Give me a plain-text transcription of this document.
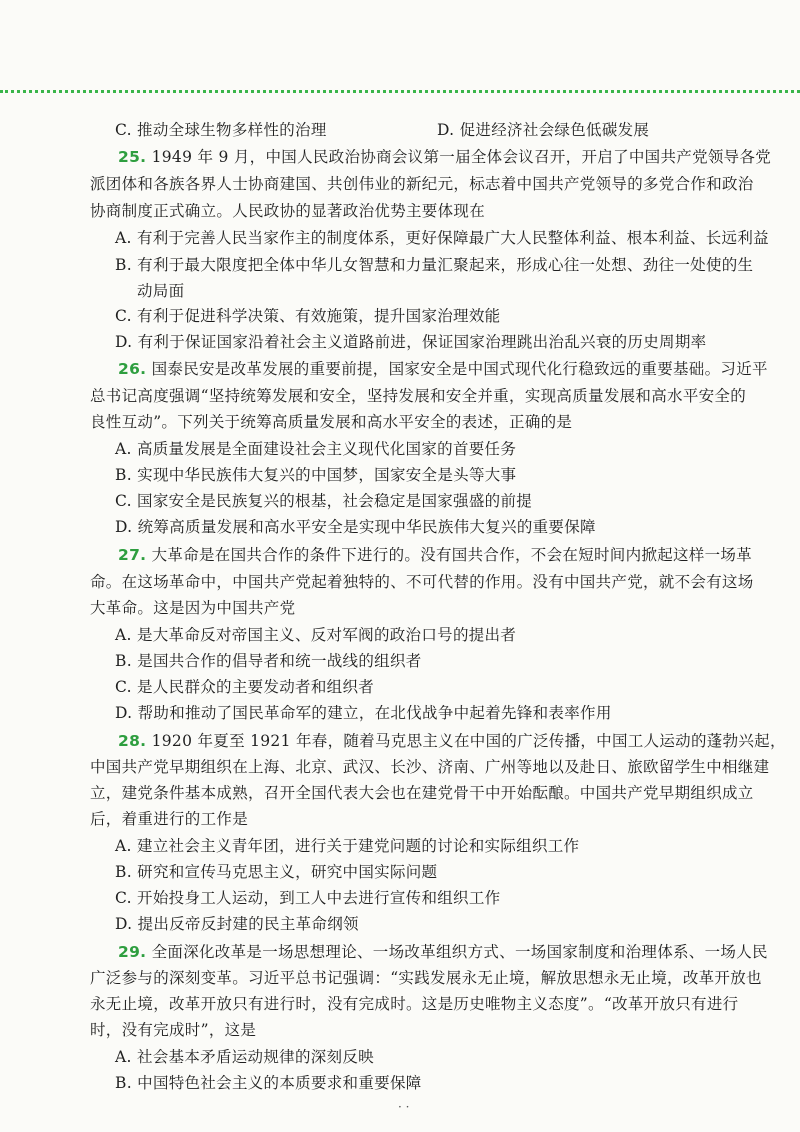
C. 推动全球生物多样性的治理	D. 促进经济社会绿色低碳发展
25. 1949 年 9 月，中国人民政治协商会议第一届全体会议召开，开启了中国共产党领导各党
派团体和各族各界人士协商建国、共创伟业的新纪元，标志着中国共产党领导的多党合作和政治
协商制度正式确立。人民政协的显著政治优势主要体现在
A. 有利于完善人民当家作主的制度体系，更好保障最广大人民整体利益、根本利益、长远利益
B. 有利于最大限度把全体中华儿女智慧和力量汇聚起来，形成心往一处想、劲往一处使的生
动局面
C. 有利于促进科学决策、有效施策，提升国家治理效能
D. 有利于保证国家沿着社会主义道路前进，保证国家治理跳出治乱兴衰的历史周期率
26. 国泰民安是改革发展的重要前提，国家安全是中国式现代化行稳致远的重要基础。习近平
总书记高度强调“坚持统筹发展和安全，坚持发展和安全并重，实现高质量发展和高水平安全的
良性互动”。下列关于统筹高质量发展和高水平安全的表述，正确的是
A. 高质量发展是全面建设社会主义现代化国家的首要任务
B. 实现中华民族伟大复兴的中国梦，国家安全是头等大事
C. 国家安全是民族复兴的根基，社会稳定是国家强盛的前提
D. 统筹高质量发展和高水平安全是实现中华民族伟大复兴的重要保障
27. 大革命是在国共合作的条件下进行的。没有国共合作，不会在短时间内掀起这样一场革
命。在这场革命中，中国共产党起着独特的、不可代替的作用。没有中国共产党，就不会有这场
大革命。这是因为中国共产党
A. 是大革命反对帝国主义、反对军阀的政治口号的提出者
B. 是国共合作的倡导者和统一战线的组织者
C. 是人民群众的主要发动者和组织者
D. 帮助和推动了国民革命军的建立，在北伐战争中起着先锋和表率作用
28. 1920 年夏至 1921 年春，随着马克思主义在中国的广泛传播，中国工人运动的蓬勃兴起，
中国共产党早期组织在上海、北京、武汉、长沙、济南、广州等地以及赴日、旅欧留学生中相继建
立，建党条件基本成熟，召开全国代表大会也在建党骨干中开始酝酿。中国共产党早期组织成立
后，着重进行的工作是
A. 建立社会主义青年团，进行关于建党问题的讨论和实际组织工作
B. 研究和宣传马克思主义，研究中国实际问题
C. 开始投身工人运动，到工人中去进行宣传和组织工作
D. 提出反帝反封建的民主革命纲领
29. 全面深化改革是一场思想理论、一场改革组织方式、一场国家制度和治理体系、一场人民
广泛参与的深刻变革。习近平总书记强调：“实践发展永无止境，解放思想永无止境，改革开放也
永无止境，改革开放只有进行时，没有完成时。这是历史唯物主义态度”。“改革开放只有进行
时，没有完成时”，这是
A. 社会基本矛盾运动规律的深刻反映
B. 中国特色社会主义的本质要求和重要保障
· ·
